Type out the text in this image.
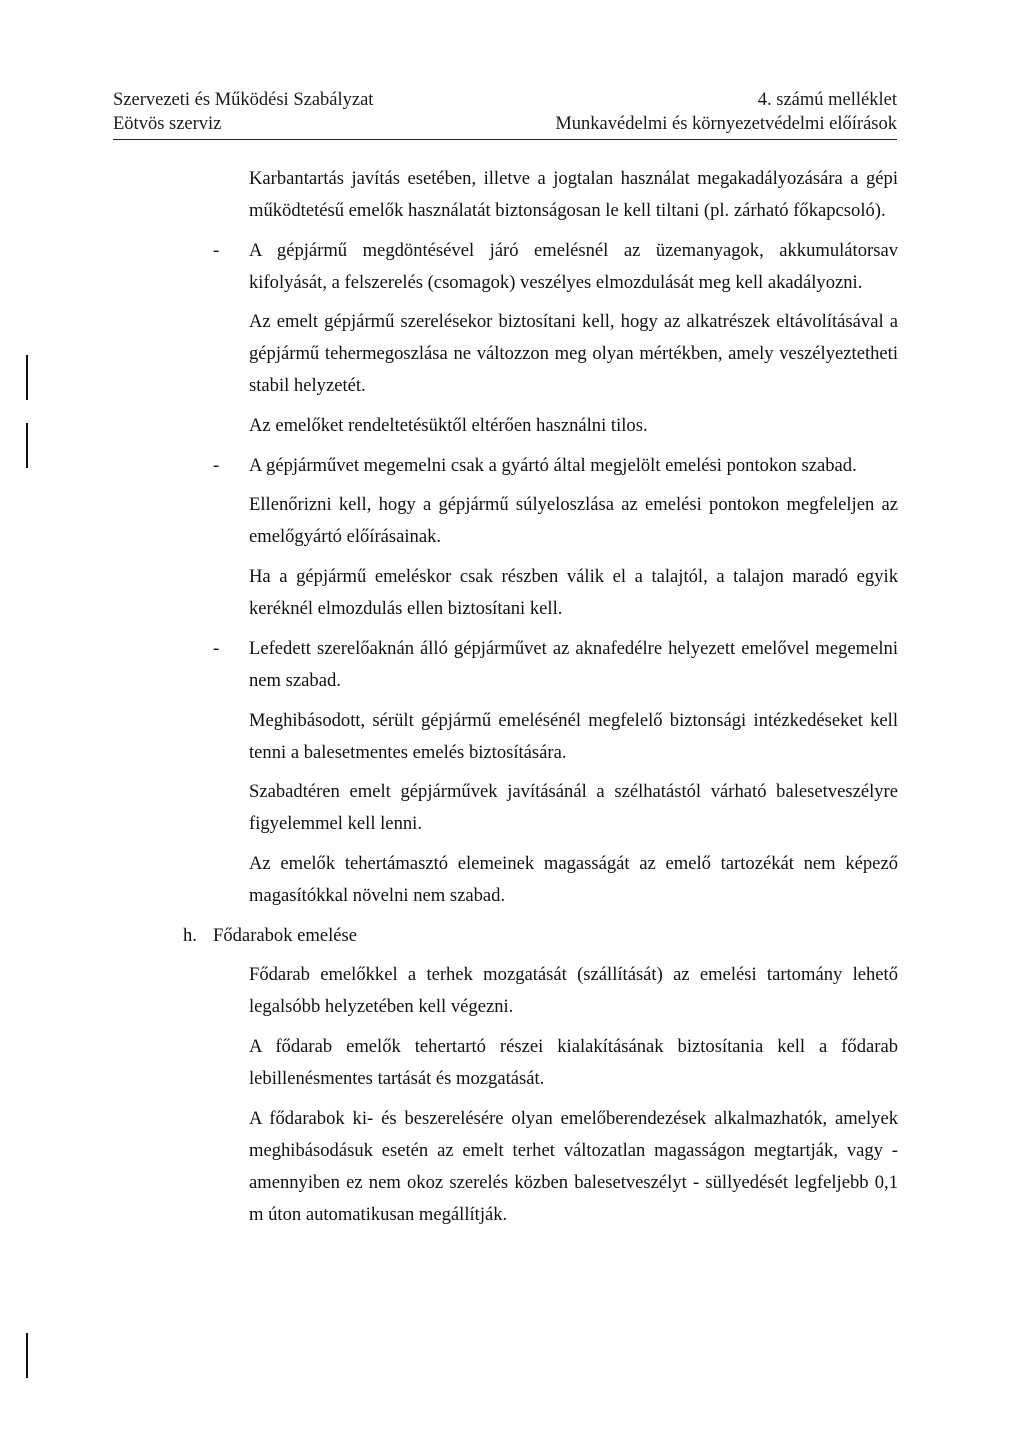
Szervezeti és Működési Szabályzat	4. számú melléklet
Eötvös szerviz	Munkavédelmi és környezetvédelmi előírások

Karbantartás javítás esetében, illetve a jogtalan használat megakadályozására a gépi működtetésű emelők használatát biztonságosan le kell tiltani (pl. zárható főkapcsoló).

- A gépjármű megdöntésével járó emelésnél az üzemanyagok, akkumulátorsav kifolyását, a felszerelés (csomagok) veszélyes elmozdulását meg kell akadályozni.

Az emelt gépjármű szerelésekor biztosítani kell, hogy az alkatrészek eltávolításával a gépjármű tehermegoszlása ne változzon meg olyan mértékben, amely veszélyeztetheti stabil helyzetét.

Az emelőket rendeltetésüktől eltérően használni tilos.

- A gépjárművet megemelni csak a gyártó által megjelölt emelési pontokon szabad.

Ellenőrizni kell, hogy a gépjármű súlyeloszlása az emelési pontokon megfeleljen az emelőgyártó előírásainak.

Ha a gépjármű emeléskor csak részben válik el a talajtól, a talajon maradó egyik keréknél elmozdulás ellen biztosítani kell.

- Lefedett szerelőaknán álló gépjárművet az aknafedélre helyezett emelővel megemelni nem szabad.

Meghibásodott, sérült gépjármű emelésénél megfelelő biztonsági intézkedéseket kell tenni a balesetmentes emelés biztosítására.

Szabadtéren emelt gépjárművek javításánál a szélhatástól várható balesetveszélyre figyelemmel kell lenni.

Az emelők tehertámasztó elemeinek magasságát az emelő tartozékát nem képező magasítókkal növelni nem szabad.

h. Fődarabok emelése

Fődarab emelőkkel a terhek mozgatását (szállítását) az emelési tartomány lehető legalsóbb helyzetében kell végezni.

A fődarab emelők tehertartó részei kialakításának biztosítania kell a fődarab lebillenésmentes tartását és mozgatását.

A fődarabok ki- és beszerelésére olyan emelőberendezések alkalmazhatók, amelyek meghibásodásuk esetén az emelt terhet változatlan magasságon megtartják, vagy - amennyiben ez nem okoz szerelés közben balesetveszélyt - süllyedését legfeljebb 0,1 m úton automatikusan megállítják.
